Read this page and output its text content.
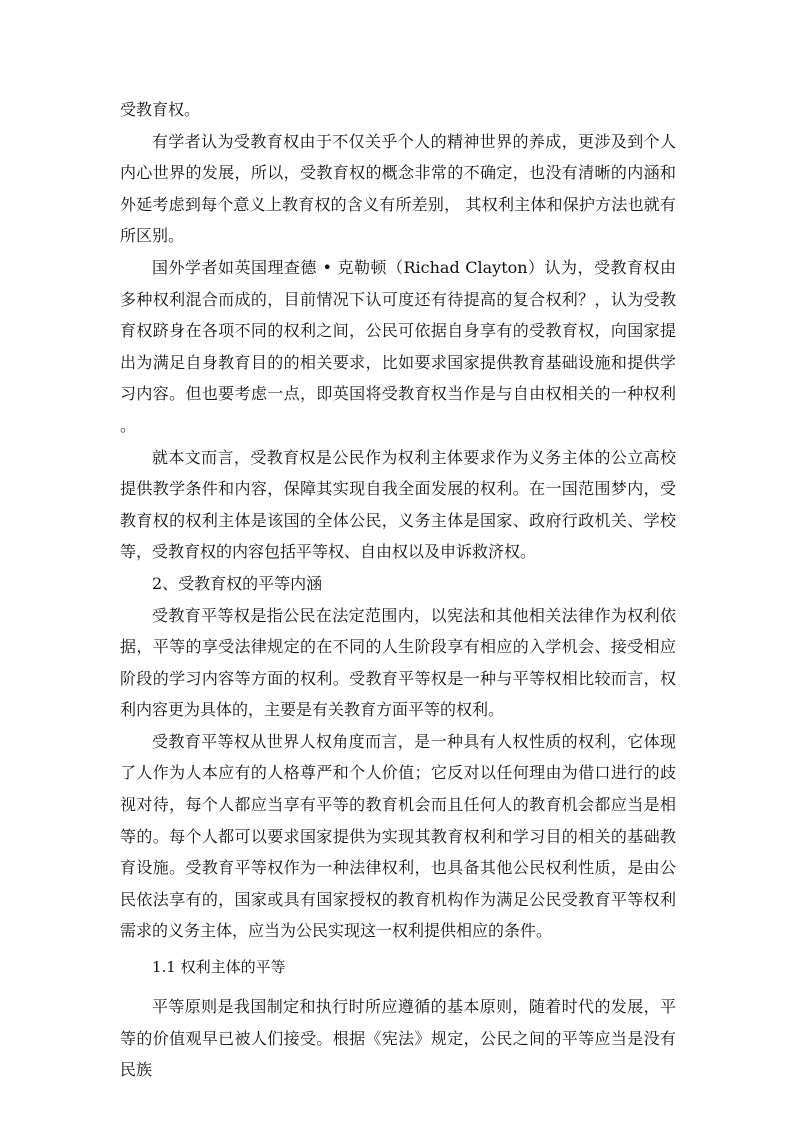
受教育权。

有学者认为受教育权由于不仅关乎个人的精神世界的养成，更涉及到个人内心世界的发展，所以，受教育权的概念非常的不确定，也没有清晰的内涵和外延考虑到每个意义上教育权的含义有所差别， 其权利主体和保护方法也就有所区别。

国外学者如英国理查德 • 克勒顿（Richad Clayton）认为，受教育权由多种权利混合而成的，目前情况下认可度还有待提高的复合权利？，认为受教育权跻身在各项不同的权利之间，公民可依据自身享有的受教育权，向国家提出为满足自身教育目的的相关要求，比如要求国家提供教育基础设施和提供学习内容。但也要考虑一点，即英国将受教育权当作是与自由权相关的一种权利。

就本文而言，受教育权是公民作为权利主体要求作为义务主体的公立高校提供教学条件和内容，保障其实现自我全面发展的权利。在一国范围梦内，受教育权的权利主体是该国的全体公民，义务主体是国家、政府行政机关、学校等，受教育权的内容包括平等权、自由权以及申诉救济权。

2、受教育权的平等内涵

受教育平等权是指公民在法定范围内，以宪法和其他相关法律作为权利依据，平等的享受法律规定的在不同的人生阶段享有相应的入学机会、接受相应阶段的学习内容等方面的权利。受教育平等权是一种与平等权相比较而言，权利内容更为具体的，主要是有关教育方面平等的权利。

受教育平等权从世界人权角度而言，是一种具有人权性质的权利，它体现了人作为人本应有的人格尊严和个人价值；它反对以任何理由为借口进行的歧视对待，每个人都应当享有平等的教育机会而且任何人的教育机会都应当是相等的。每个人都可以要求国家提供为实现其教育权利和学习目的相关的基础教育设施。受教育平等权作为一种法律权利，也具备其他公民权利性质，是由公民依法享有的，国家或具有国家授权的教育机构作为满足公民受教育平等权利需求的义务主体，应当为公民实现这一权利提供相应的条件。

1.1 权利主体的平等

平等原则是我国制定和执行时所应遵循的基本原则，随着时代的发展，平等的价值观早已被人们接受。根据《宪法》规定，公民之间的平等应当是没有民族
